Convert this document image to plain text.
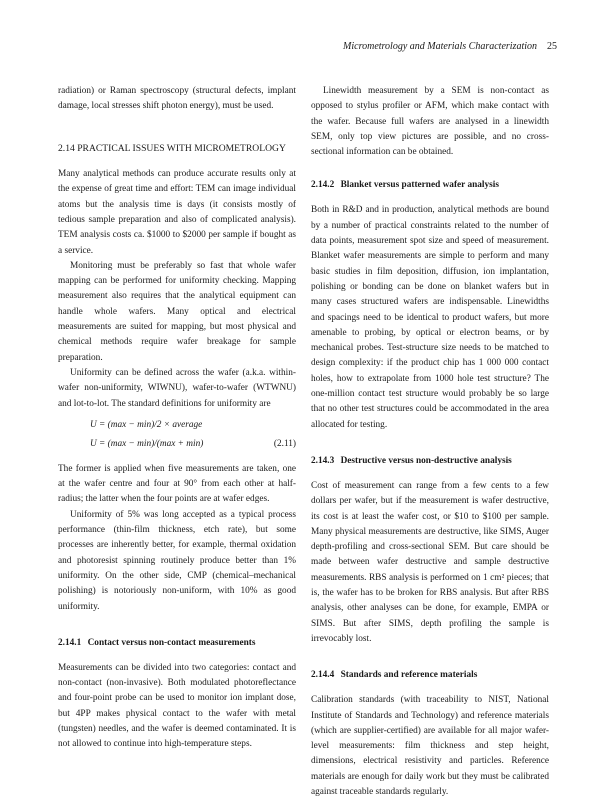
Micrometrology and Materials Characterization 25

radiation) or Raman spectroscopy (structural defects, implant damage, local stresses shift photon energy), must be used.

2.14 PRACTICAL ISSUES WITH MICROMETROLOGY

Many analytical methods can produce accurate results only at the expense of great time and effort: TEM can image individual atoms but the analysis time is days (it consists mostly of tedious sample preparation and also of complicated analysis). TEM analysis costs ca. $1000 to $2000 per sample if bought as a service.

Monitoring must be preferably so fast that whole wafer mapping can be performed for uniformity checking. Mapping measurement also requires that the analytical equipment can handle whole wafers. Many optical and electrical measurements are suited for mapping, but most physical and chemical methods require wafer breakage for sample preparation.

Uniformity can be defined across the wafer (a.k.a. within-wafer non-uniformity, WIWNU), wafer-to-wafer (WTWNU) and lot-to-lot. The standard definitions for uniformity are

U = (max − min)/2 × average
U = (max − min)/(max + min)	(2.11)

The former is applied when five measurements are taken, one at the wafer centre and four at 90° from each other at half-radius; the latter when the four points are at wafer edges.

Uniformity of 5% was long accepted as a typical process performance (thin-film thickness, etch rate), but some processes are inherently better, for example, thermal oxidation and photoresist spinning routinely produce better than 1% uniformity. On the other side, CMP (chemical–mechanical polishing) is notoriously non-uniform, with 10% as good uniformity.

2.14.1 Contact versus non-contact measurements

Measurements can be divided into two categories: contact and non-contact (non-invasive). Both modulated photoreflectance and four-point probe can be used to monitor ion implant dose, but 4PP makes physical contact to the wafer with metal (tungsten) needles, and the wafer is deemed contaminated. It is not allowed to continue into high-temperature steps.

Linewidth measurement by a SEM is non-contact as opposed to stylus profiler or AFM, which make contact with the wafer. Because full wafers are analysed in a linewidth SEM, only top view pictures are possible, and no cross-sectional information can be obtained.

2.14.2 Blanket versus patterned wafer analysis

Both in R&D and in production, analytical methods are bound by a number of practical constraints related to the number of data points, measurement spot size and speed of measurement. Blanket wafer measurements are simple to perform and many basic studies in film deposition, diffusion, ion implantation, polishing or bonding can be done on blanket wafers but in many cases structured wafers are indispensable. Linewidths and spacings need to be identical to product wafers, but more amenable to probing, by optical or electron beams, or by mechanical probes. Test-structure size needs to be matched to design complexity: if the product chip has 1 000 000 contact holes, how to extrapolate from 1000 hole test structure? The one-million contact test structure would probably be so large that no other test structures could be accommodated in the area allocated for testing.

2.14.3 Destructive versus non-destructive analysis

Cost of measurement can range from a few cents to a few dollars per wafer, but if the measurement is wafer destructive, its cost is at least the wafer cost, or $10 to $100 per sample. Many physical measurements are destructive, like SIMS, Auger depth-profiling and cross-sectional SEM. But care should be made between wafer destructive and sample destructive measurements. RBS analysis is performed on 1 cm² pieces; that is, the wafer has to be broken for RBS analysis. But after RBS analysis, other analyses can be done, for example, EMPA or SIMS. But after SIMS, depth profiling the sample is irrevocably lost.

2.14.4 Standards and reference materials

Calibration standards (with traceability to NIST, National Institute of Standards and Technology) and reference materials (which are supplier-certified) are available for all major wafer-level measurements: film thickness and step height, dimensions, electrical resistivity and particles. Reference materials are enough for daily work but they must be calibrated against traceable standards regularly.
